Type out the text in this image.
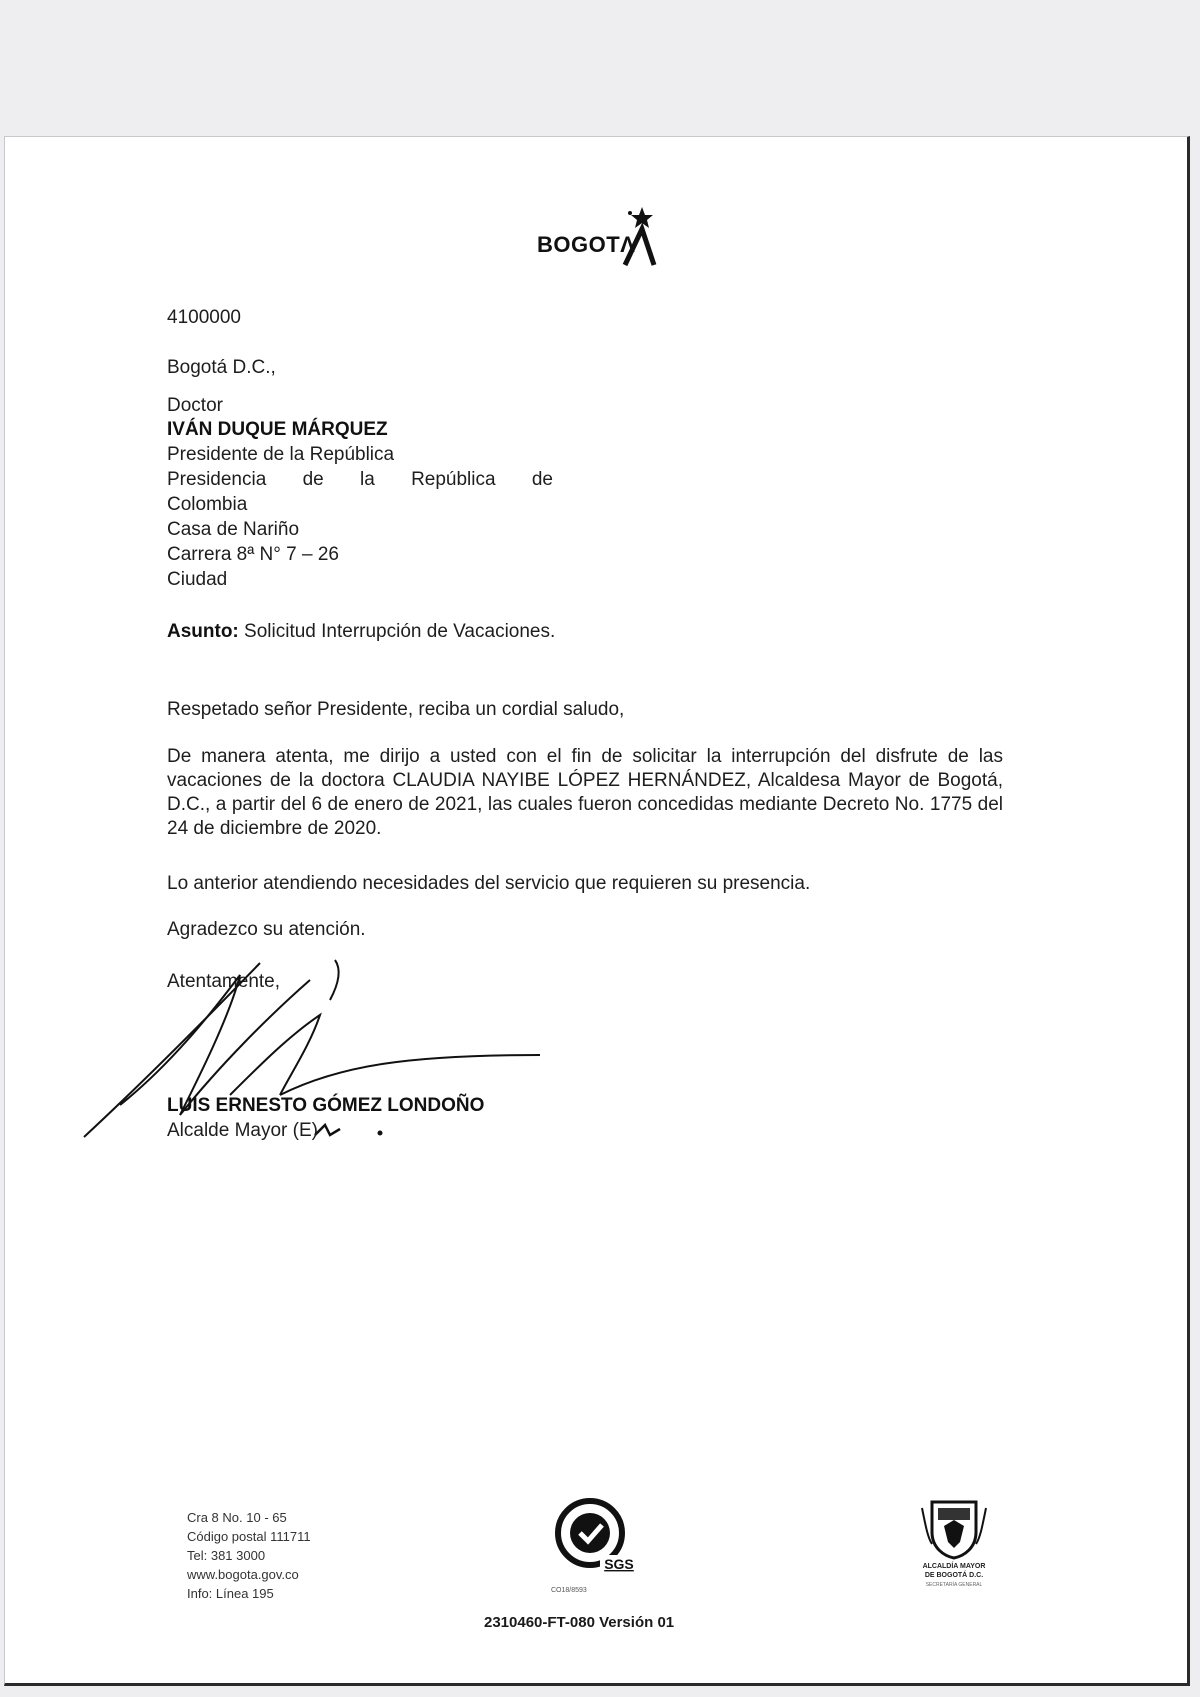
BOGOTΛ
4100000
Bogotá D.C.,
Doctor
IVÁN DUQUE MÁRQUEZ
Presidente de la República
Presidencia de la República de
Colombia
Casa de Nariño
Carrera 8ª N° 7 – 26
Ciudad
Asunto: Solicitud Interrupción de Vacaciones.
Respetado señor Presidente, reciba un cordial saludo,
De manera atenta, me dirijo a usted con el fin de solicitar la interrupción del disfrute de las vacaciones de la doctora CLAUDIA NAYIBE LÓPEZ HERNÁNDEZ, Alcaldesa Mayor de Bogotá, D.C., a partir del 6 de enero de 2021, las cuales fueron concedidas mediante Decreto No. 1775 del 24 de diciembre de 2020.
Lo anterior atendiendo necesidades del servicio que requieren su presencia.
Agradezco su atención.
Atentamente,
LUIS ERNESTO GÓMEZ LONDOÑO
Alcalde Mayor (E)
Cra 8 No. 10 - 65
Código postal 111711
Tel: 381 3000
www.bogota.gov.co
Info: Línea 195
SGS
CO18/8593
ALCALDÍA MAYOR
DE BOGOTÁ D.C.
SECRETARÍA GENERAL
2310460-FT-080 Versión 01
